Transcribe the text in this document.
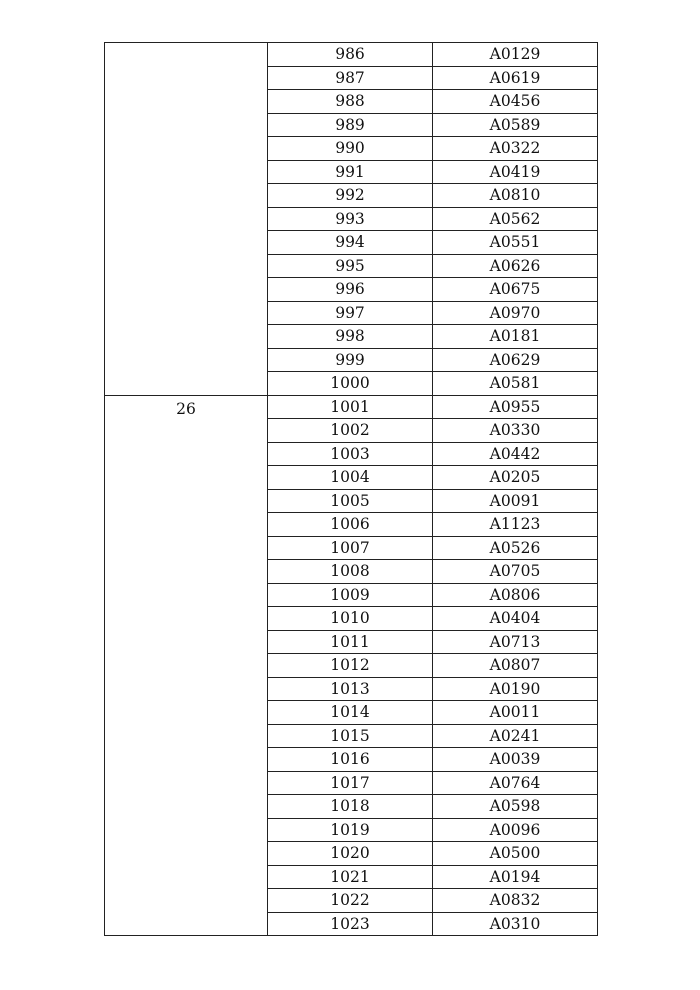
	986	A0129
	987	A0619
	988	A0456
	989	A0589
	990	A0322
	991	A0419
	992	A0810
	993	A0562
	994	A0551
	995	A0626
	996	A0675
	997	A0970
	998	A0181
	999	A0629
	1000	A0581
26	1001	A0955
	1002	A0330
	1003	A0442
	1004	A0205
	1005	A0091
	1006	A1123
	1007	A0526
	1008	A0705
	1009	A0806
	1010	A0404
	1011	A0713
	1012	A0807
	1013	A0190
	1014	A0011
	1015	A0241
	1016	A0039
	1017	A0764
	1018	A0598
	1019	A0096
	1020	A0500
	1021	A0194
	1022	A0832
	1023	A0310
